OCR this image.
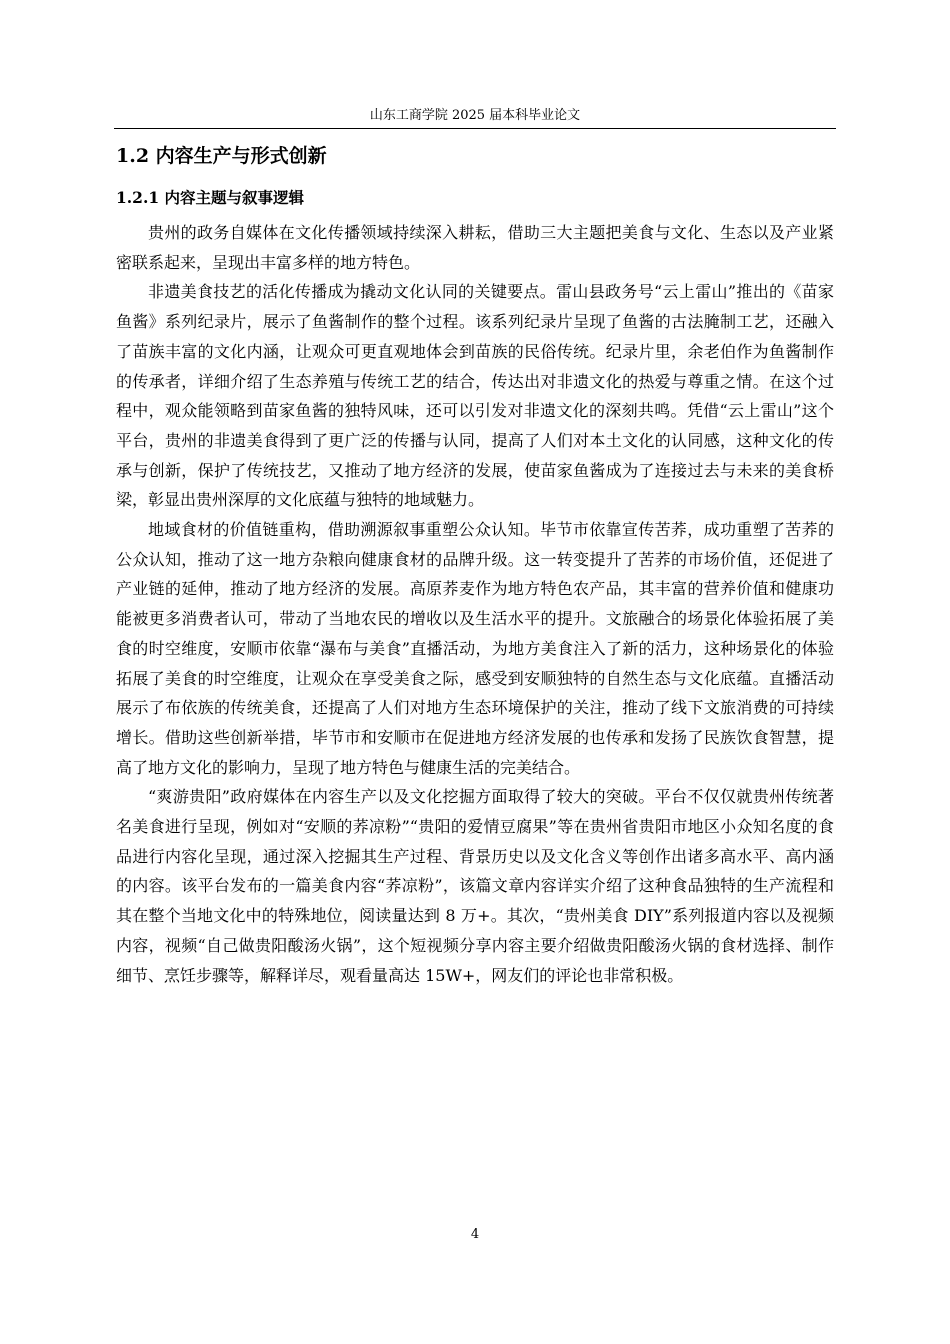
山东工商学院 2025 届本科毕业论文
1.2 内容生产与形式创新
1.2.1 内容主题与叙事逻辑

贵州的政务自媒体在文化传播领域持续深入耕耘，借助三大主题把美食与文化、生态以及产业紧密联系起来，呈现出丰富多样的地方特色。

非遗美食技艺的活化传播成为撬动文化认同的关键要点。雷山县政务号“云上雷山”推出的《苗家鱼酱》系列纪录片，展示了鱼酱制作的整个过程。该系列纪录片呈现了鱼酱的古法腌制工艺，还融入了苗族丰富的文化内涵，让观众可更直观地体会到苗族的民俗传统。纪录片里，余老伯作为鱼酱制作的传承者，详细介绍了生态养殖与传统工艺的结合，传达出对非遗文化的热爱与尊重之情。在这个过程中，观众能领略到苗家鱼酱的独特风味，还可以引发对非遗文化的深刻共鸣。凭借“云上雷山”这个平台，贵州的非遗美食得到了更广泛的传播与认同，提高了人们对本土文化的认同感，这种文化的传承与创新，保护了传统技艺，又推动了地方经济的发展，使苗家鱼酱成为了连接过去与未来的美食桥梁，彰显出贵州深厚的文化底蕴与独特的地域魅力。

地域食材的价值链重构，借助溯源叙事重塑公众认知。毕节市依靠宣传苦荞，成功重塑了苦荞的公众认知，推动了这一地方杂粮向健康食材的品牌升级。这一转变提升了苦荞的市场价值，还促进了产业链的延伸，推动了地方经济的发展。高原荞麦作为地方特色农产品，其丰富的营养价值和健康功能被更多消费者认可，带动了当地农民的增收以及生活水平的提升。文旅融合的场景化体验拓展了美食的时空维度，安顺市依靠“瀑布与美食”直播活动，为地方美食注入了新的活力，这种场景化的体验拓展了美食的时空维度，让观众在享受美食之际，感受到安顺独特的自然生态与文化底蕴。直播活动展示了布依族的传统美食，还提高了人们对地方生态环境保护的关注，推动了线下文旅消费的可持续增长。借助这些创新举措，毕节市和安顺市在促进地方经济发展的也传承和发扬了民族饮食智慧，提高了地方文化的影响力，呈现了地方特色与健康生活的完美结合。

“爽游贵阳”政府媒体在内容生产以及文化挖掘方面取得了较大的突破。平台不仅仅就贵州传统著名美食进行呈现，例如对“安顺的荞凉粉”“贵阳的爱情豆腐果”等在贵州省贵阳市地区小众知名度的食品进行内容化呈现，通过深入挖掘其生产过程、背景历史以及文化含义等创作出诸多高水平、高内涵的内容。该平台发布的一篇美食内容“荞凉粉”，该篇文章内容详实介绍了这种食品独特的生产流程和其在整个当地文化中的特殊地位，阅读量达到 8 万+。其次，“贵州美食 DIY”系列报道内容以及视频内容，视频“自己做贵阳酸汤火锅”，这个短视频分享内容主要介绍做贵阳酸汤火锅的食材选择、制作细节、烹饪步骤等，解释详尽，观看量高达 15W+，网友们的评论也非常积极。

4
